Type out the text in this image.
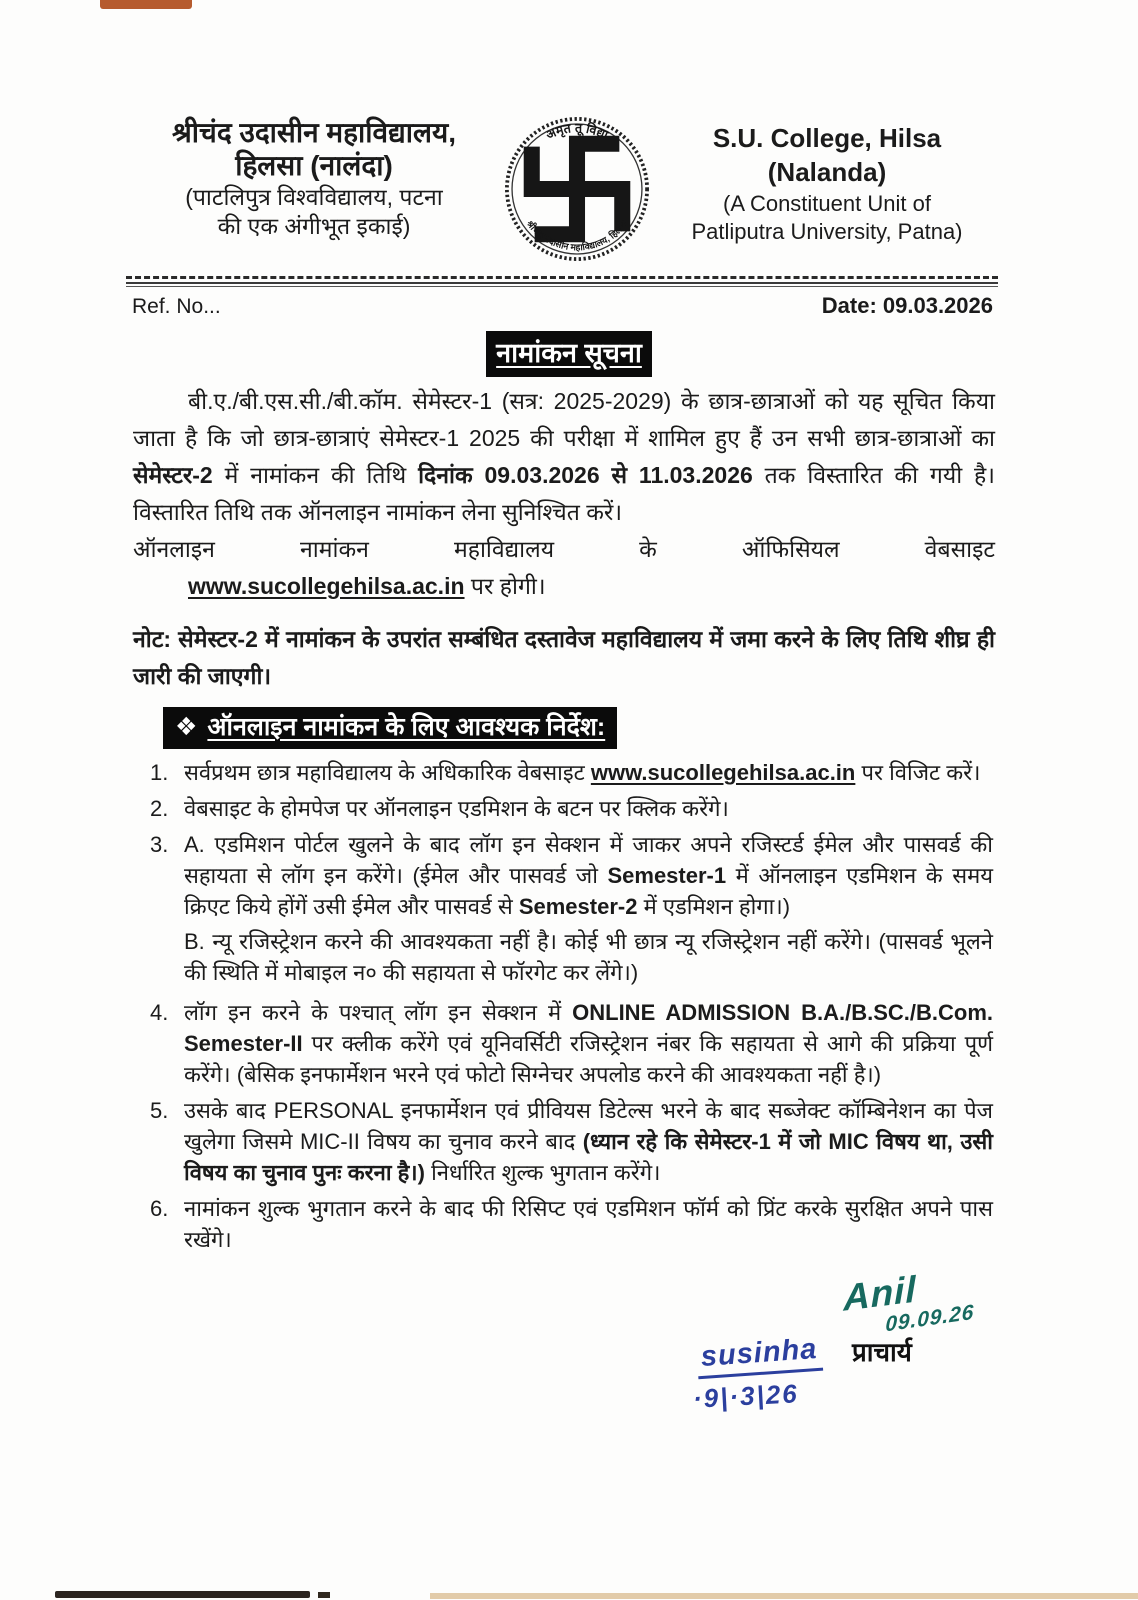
श्रीचंद उदासीन महाविद्यालय,
हिलसा (नालंदा)
(पाटलिपुत्र विश्वविद्यालय, पटना
की एक अंगीभूत इकाई)
अमृत तू विद्या
श्रीचन्द उदासीन महाविद्यालय, हिलसा
S.U. College, Hilsa
(Nalanda)
(A Constituent Unit of
Patliputra University, Patna)
Ref. No...	Date: 09.03.2026
नामांकन सूचना

बी.ए./बी.एस.सी./बी.कॉम. सेमेस्टर-1 (सत्र: 2025-2029) के छात्र-छात्राओं को यह सूचित किया जाता है कि जो छात्र-छात्राएं सेमेस्टर-1 2025 की परीक्षा में शामिल हुए हैं उन सभी छात्र-छात्राओं का सेमेस्टर-2 में नामांकन की तिथि दिनांक 09.03.2026 से 11.03.2026 तक विस्तारित की गयी है। विस्तारित तिथि तक ऑनलाइन नामांकन लेना सुनिश्चित करें।

ऑनलाइन नामांकन महाविद्यालय के ऑफिसियल वेबसाइट
www.sucollegehilsa.ac.in पर होगी।

नोट: सेमेस्टर-2 में नामांकन के उपरांत सम्बंधित दस्तावेज महाविद्यालय में जमा करने के लिए तिथि शीघ्र ही जारी की जाएगी।

❖ ऑनलाइन नामांकन के लिए आवश्यक निर्देश:
1. सर्वप्रथम छात्र महाविद्यालय के अधिकारिक वेबसाइट www.sucollegehilsa.ac.in पर विजिट करें।
2. वेबसाइट के होमपेज पर ऑनलाइन एडमिशन के बटन पर क्लिक करेंगे।
3. A. एडमिशन पोर्टल खुलने के बाद लॉग इन सेक्शन में जाकर अपने रजिस्टर्ड ईमेल और पासवर्ड की सहायता से लॉग इन करेंगे। (ईमेल और पासवर्ड जो Semester-1 में ऑनलाइन एडमिशन के समय क्रिएट किये होंगें उसी ईमेल और पासवर्ड से Semester-2 में एडमिशन होगा।)

B. न्यू रजिस्ट्रेशन करने की आवश्यकता नहीं है। कोई भी छात्र न्यू रजिस्ट्रेशन नहीं करेंगे। (पासवर्ड भूलने की स्थिति में मोबाइल न० की सहायता से फॉरगेट कर लेंगे।)

4. लॉग इन करने के पश्चात् लॉग इन सेक्शन में ONLINE ADMISSION B.A./B.SC./B.Com. Semester-II पर क्लीक करेंगे एवं यूनिवर्सिटी रजिस्ट्रेशन नंबर कि सहायता से आगे की प्रक्रिया पूर्ण करेंगे। (बेसिक इनफार्मेशन भरने एवं फोटो सिग्नेचर अपलोड करने की आवश्यकता नहीं है।)
5. उसके बाद PERSONAL इनफार्मेशन एवं प्रीवियस डिटेल्स भरने के बाद सब्जेक्ट कॉम्बिनेशन का पेज खुलेगा जिसमे MIC-II विषय का चुनाव करने बाद (ध्यान रहे कि सेमेस्टर-1 में जो MIC विषय था, उसी विषय का चुनाव पुनः करना है।) निर्धारित शुल्क भुगतान करेंगे।
6. नामांकन शुल्क भुगतान करने के बाद फी रिसिप्ट एवं एडमिशन फॉर्म को प्रिंट करके सुरक्षित अपने पास रखेंगे।
Anil
09.09.26
प्राचार्य
susinha
·9|·3|26
